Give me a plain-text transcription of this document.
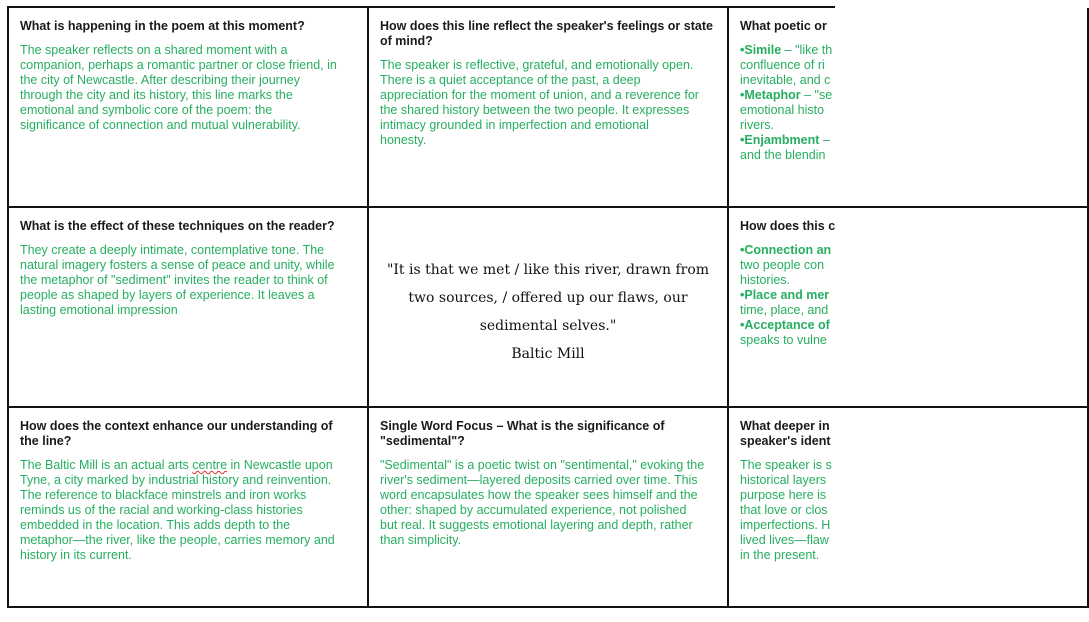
What is happening in the poem at this moment?
The speaker reflects on a shared moment with a
companion, perhaps a romantic partner or close friend, in
the city of Newcastle. After describing their journey
through the city and its history, this line marks the
emotional and symbolic core of the poem: the
significance of connection and mutual vulnerability.
How does this line reflect the speaker's feelings or state
of mind?
The speaker is reflective, grateful, and emotionally open.
There is a quiet acceptance of the past, a deep
appreciation for the moment of union, and a reverence for
the shared history between the two people. It expresses
intimacy grounded in imperfection and emotional
honesty.
What poetic or
•Simile – "like th
confluence of ri
inevitable, and c
•Metaphor – "se
emotional histo
rivers.
•Enjambment –
and the blendin
What is the effect of these techniques on the reader?
They create a deeply intimate, contemplative tone. The
natural imagery fosters a sense of peace and unity, while
the metaphor of "sediment" invites the reader to think of
people as shaped by layers of experience. It leaves a
lasting emotional impression
"It is that we met / like this river, drawn from
two sources, / offered up our flaws, our
sedimental selves."
Baltic Mill
How does this c
•Connection an
two people con
histories.
•Place and mer
time, place, and
•Acceptance of
speaks to vulne
How does the context enhance our understanding of
the line?
The Baltic Mill is an actual arts centre in Newcastle upon
Tyne, a city marked by industrial history and reinvention.
The reference to blackface minstrels and iron works
reminds us of the racial and working-class histories
embedded in the location. This adds depth to the
metaphor—the river, like the people, carries memory and
history in its current.
Single Word Focus – What is the significance of
"sedimental"?
"Sedimental" is a poetic twist on "sentimental," evoking the
river's sediment—layered deposits carried over time. This
word encapsulates how the speaker sees himself and the
other: shaped by accumulated experience, not polished
but real. It suggests emotional layering and depth, rather
than simplicity.
What deeper in
speaker's ident
The speaker is s
historical layers
purpose here is
that love or clos
imperfections. H
lived lives—flaw
in the present.
